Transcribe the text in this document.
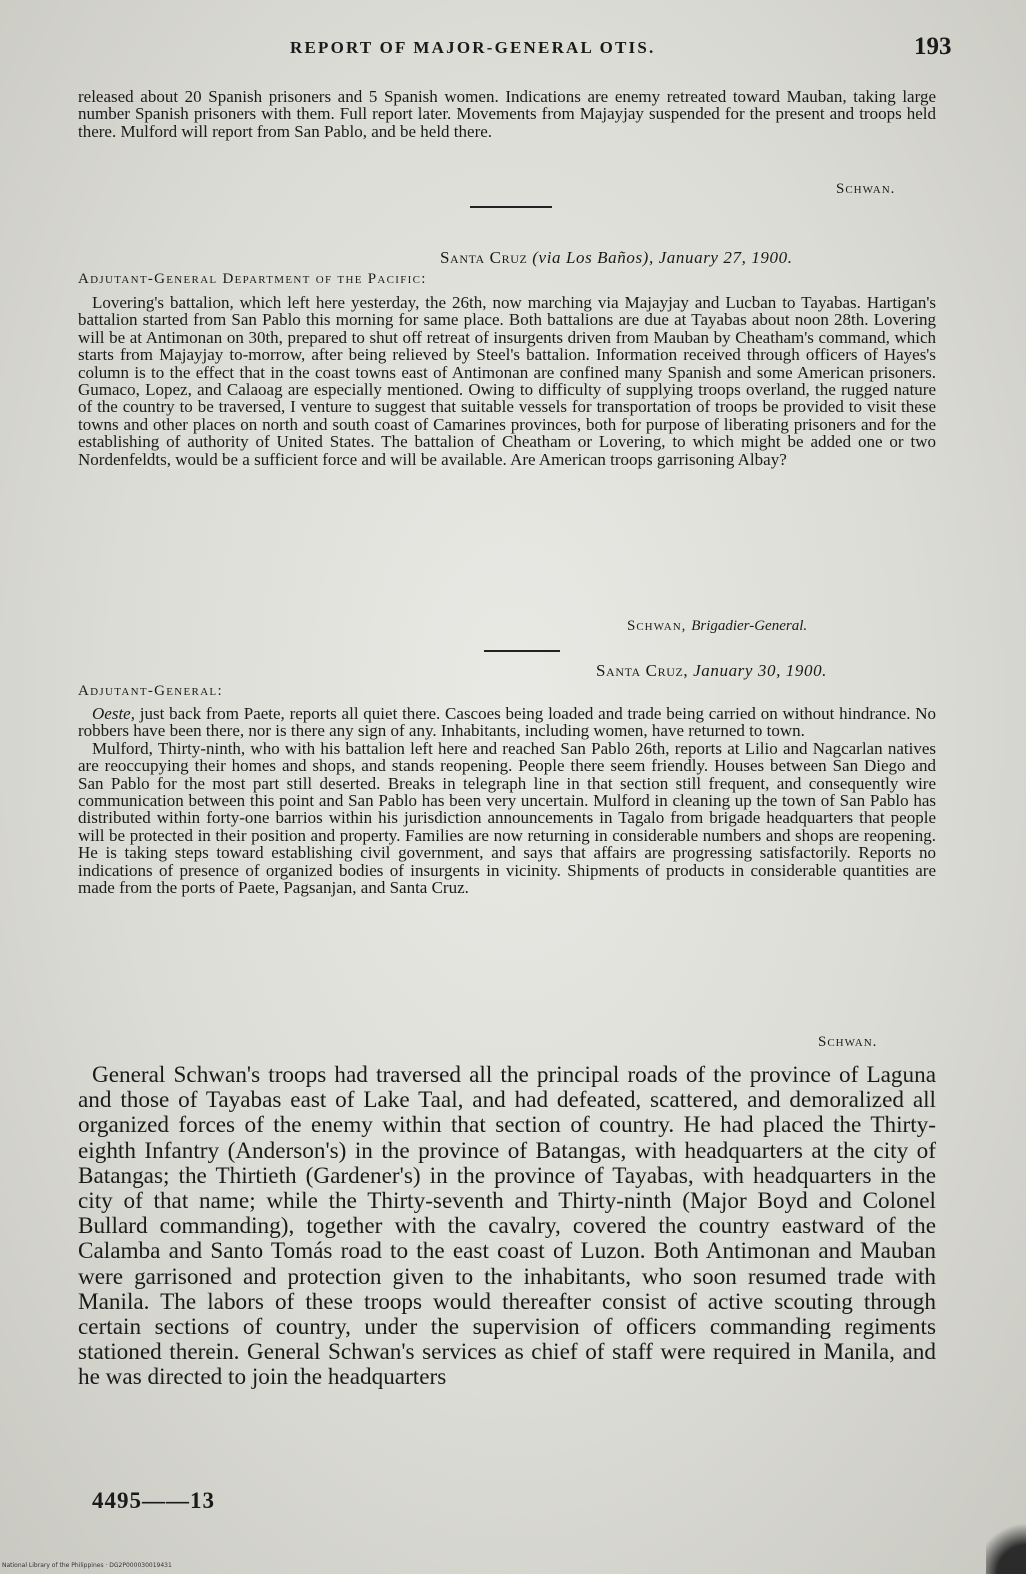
REPORT OF MAJOR-GENERAL OTIS.	193

released about 20 Spanish prisoners and 5 Spanish women. Indications are enemy retreated toward Mauban, taking large number Spanish prisoners with them. Full report later. Movements from Majayjay suspended for the present and troops held there. Mulford will report from San Pablo, and be held there.

Schwan.
Santa Cruz (via Los Baños), January 27, 1900.
Adjutant-General Department of the Pacific:

Lovering's battalion, which left here yesterday, the 26th, now marching via Majayjay and Lucban to Tayabas. Hartigan's battalion started from San Pablo this morning for same place. Both battalions are due at Tayabas about noon 28th. Lovering will be at Antimonan on 30th, prepared to shut off retreat of insurgents driven from Mauban by Cheatham's command, which starts from Majayjay to-morrow, after being relieved by Steel's battalion. Information received through officers of Hayes's column is to the effect that in the coast towns east of Antimonan are confined many Spanish and some American prisoners. Gumaco, Lopez, and Calaoag are especially mentioned. Owing to difficulty of supplying troops overland, the rugged nature of the country to be traversed, I venture to suggest that suitable vessels for transportation of troops be provided to visit these towns and other places on north and south coast of Camarines provinces, both for purpose of liberating prisoners and for the establishing of authority of United States. The battalion of Cheatham or Lovering, to which might be added one or two Nordenfeldts, would be a sufficient force and will be available. Are American troops garrisoning Albay?

Schwan, Brigadier-General.
Santa Cruz, January 30, 1900.
Adjutant-General:

Oeste, just back from Paete, reports all quiet there. Cascoes being loaded and trade being carried on without hindrance. No robbers have been there, nor is there any sign of any. Inhabitants, including women, have returned to town.

Mulford, Thirty-ninth, who with his battalion left here and reached San Pablo 26th, reports at Lilio and Nagcarlan natives are reoccupying their homes and shops, and stands reopening. People there seem friendly. Houses between San Diego and San Pablo for the most part still deserted. Breaks in telegraph line in that section still frequent, and consequently wire communication between this point and San Pablo has been very uncertain. Mulford in cleaning up the town of San Pablo has distributed within forty-one barrios within his jurisdiction announcements in Tagalo from brigade headquarters that people will be protected in their position and property. Families are now returning in considerable numbers and shops are reopening. He is taking steps toward establishing civil government, and says that affairs are progressing satisfactorily. Reports no indications of presence of organized bodies of insurgents in vicinity. Shipments of products in considerable quantities are made from the ports of Paete, Pagsanjan, and Santa Cruz.

Schwan.

General Schwan's troops had traversed all the principal roads of the province of Laguna and those of Tayabas east of Lake Taal, and had defeated, scattered, and demoralized all organized forces of the enemy within that section of country. He had placed the Thirty-eighth Infantry (Anderson's) in the province of Batangas, with headquarters at the city of Batangas; the Thirtieth (Gardener's) in the province of Tayabas, with headquarters in the city of that name; while the Thirty-seventh and Thirty-ninth (Major Boyd and Colonel Bullard commanding), together with the cavalry, covered the country eastward of the Calamba and Santo Tomás road to the east coast of Luzon. Both Antimonan and Mauban were garrisoned and protection given to the inhabitants, who soon resumed trade with Manila. The labors of these troops would thereafter consist of active scouting through certain sections of country, under the supervision of officers commanding regiments stationed therein. General Schwan's services as chief of staff were required in Manila, and he was directed to join the headquarters

4495——13
National Library of the Philippines · DG2P000030019431
